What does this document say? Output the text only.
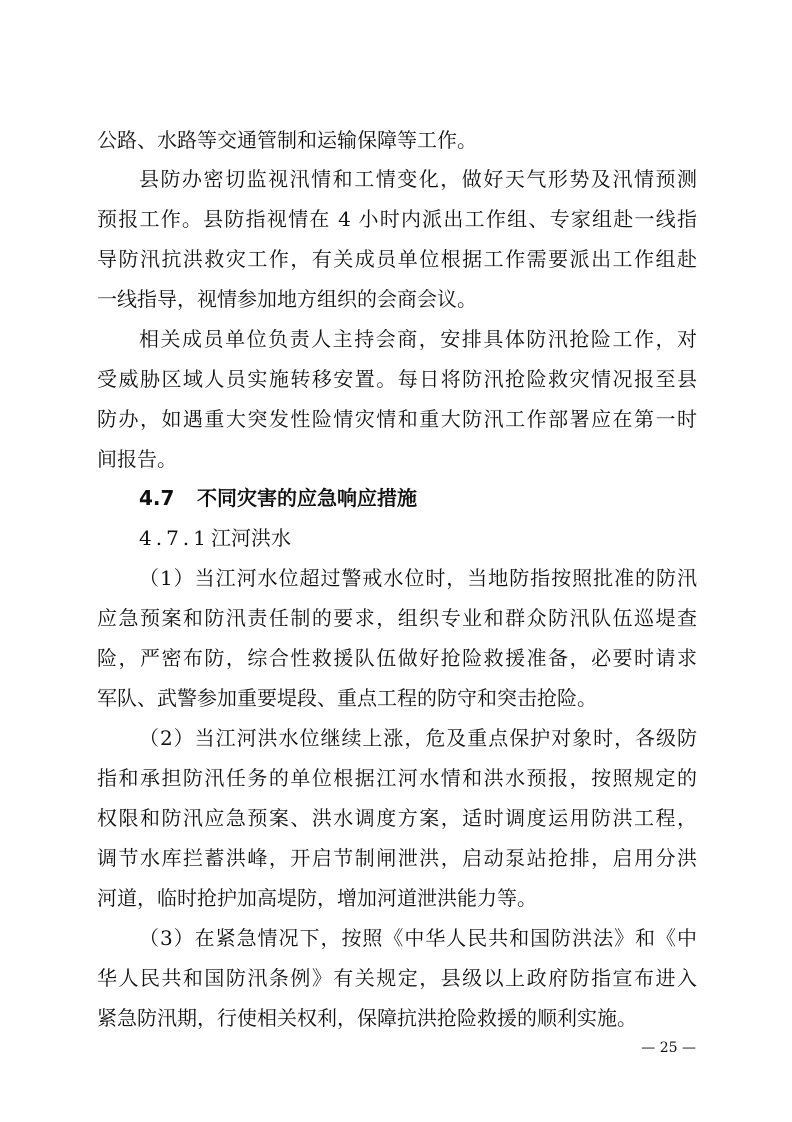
公路、水路等交通管制和运输保障等工作。
县防办密切监视汛情和工情变化，做好天气形势及汛情预测
预报工作。县防指视情在 4 小时内派出工作组、专家组赴一线指
导防汛抗洪救灾工作，有关成员单位根据工作需要派出工作组赴
一线指导，视情参加地方组织的会商会议。
相关成员单位负责人主持会商，安排具体防汛抢险工作，对
受威胁区域人员实施转移安置。每日将防汛抢险救灾情况报至县
防办，如遇重大突发性险情灾情和重大防汛工作部署应在第一时
间报告。
4.7 不同灾害的应急响应措施
4.7.1江河洪水
（1）当江河水位超过警戒水位时，当地防指按照批准的防汛
应急预案和防汛责任制的要求，组织专业和群众防汛队伍巡堤查
险，严密布防，综合性救援队伍做好抢险救援准备，必要时请求
军队、武警参加重要堤段、重点工程的防守和突击抢险。
（2）当江河洪水位继续上涨，危及重点保护对象时，各级防
指和承担防汛任务的单位根据江河水情和洪水预报，按照规定的
权限和防汛应急预案、洪水调度方案，适时调度运用防洪工程，
调节水库拦蓄洪峰，开启节制闸泄洪，启动泵站抢排，启用分洪
河道，临时抢护加高堤防，增加河道泄洪能力等。
（3）在紧急情况下，按照《中华人民共和国防洪法》和《中
华人民共和国防汛条例》有关规定，县级以上政府防指宣布进入
紧急防汛期，行使相关权利，保障抗洪抢险救援的顺利实施。
— 25 —
